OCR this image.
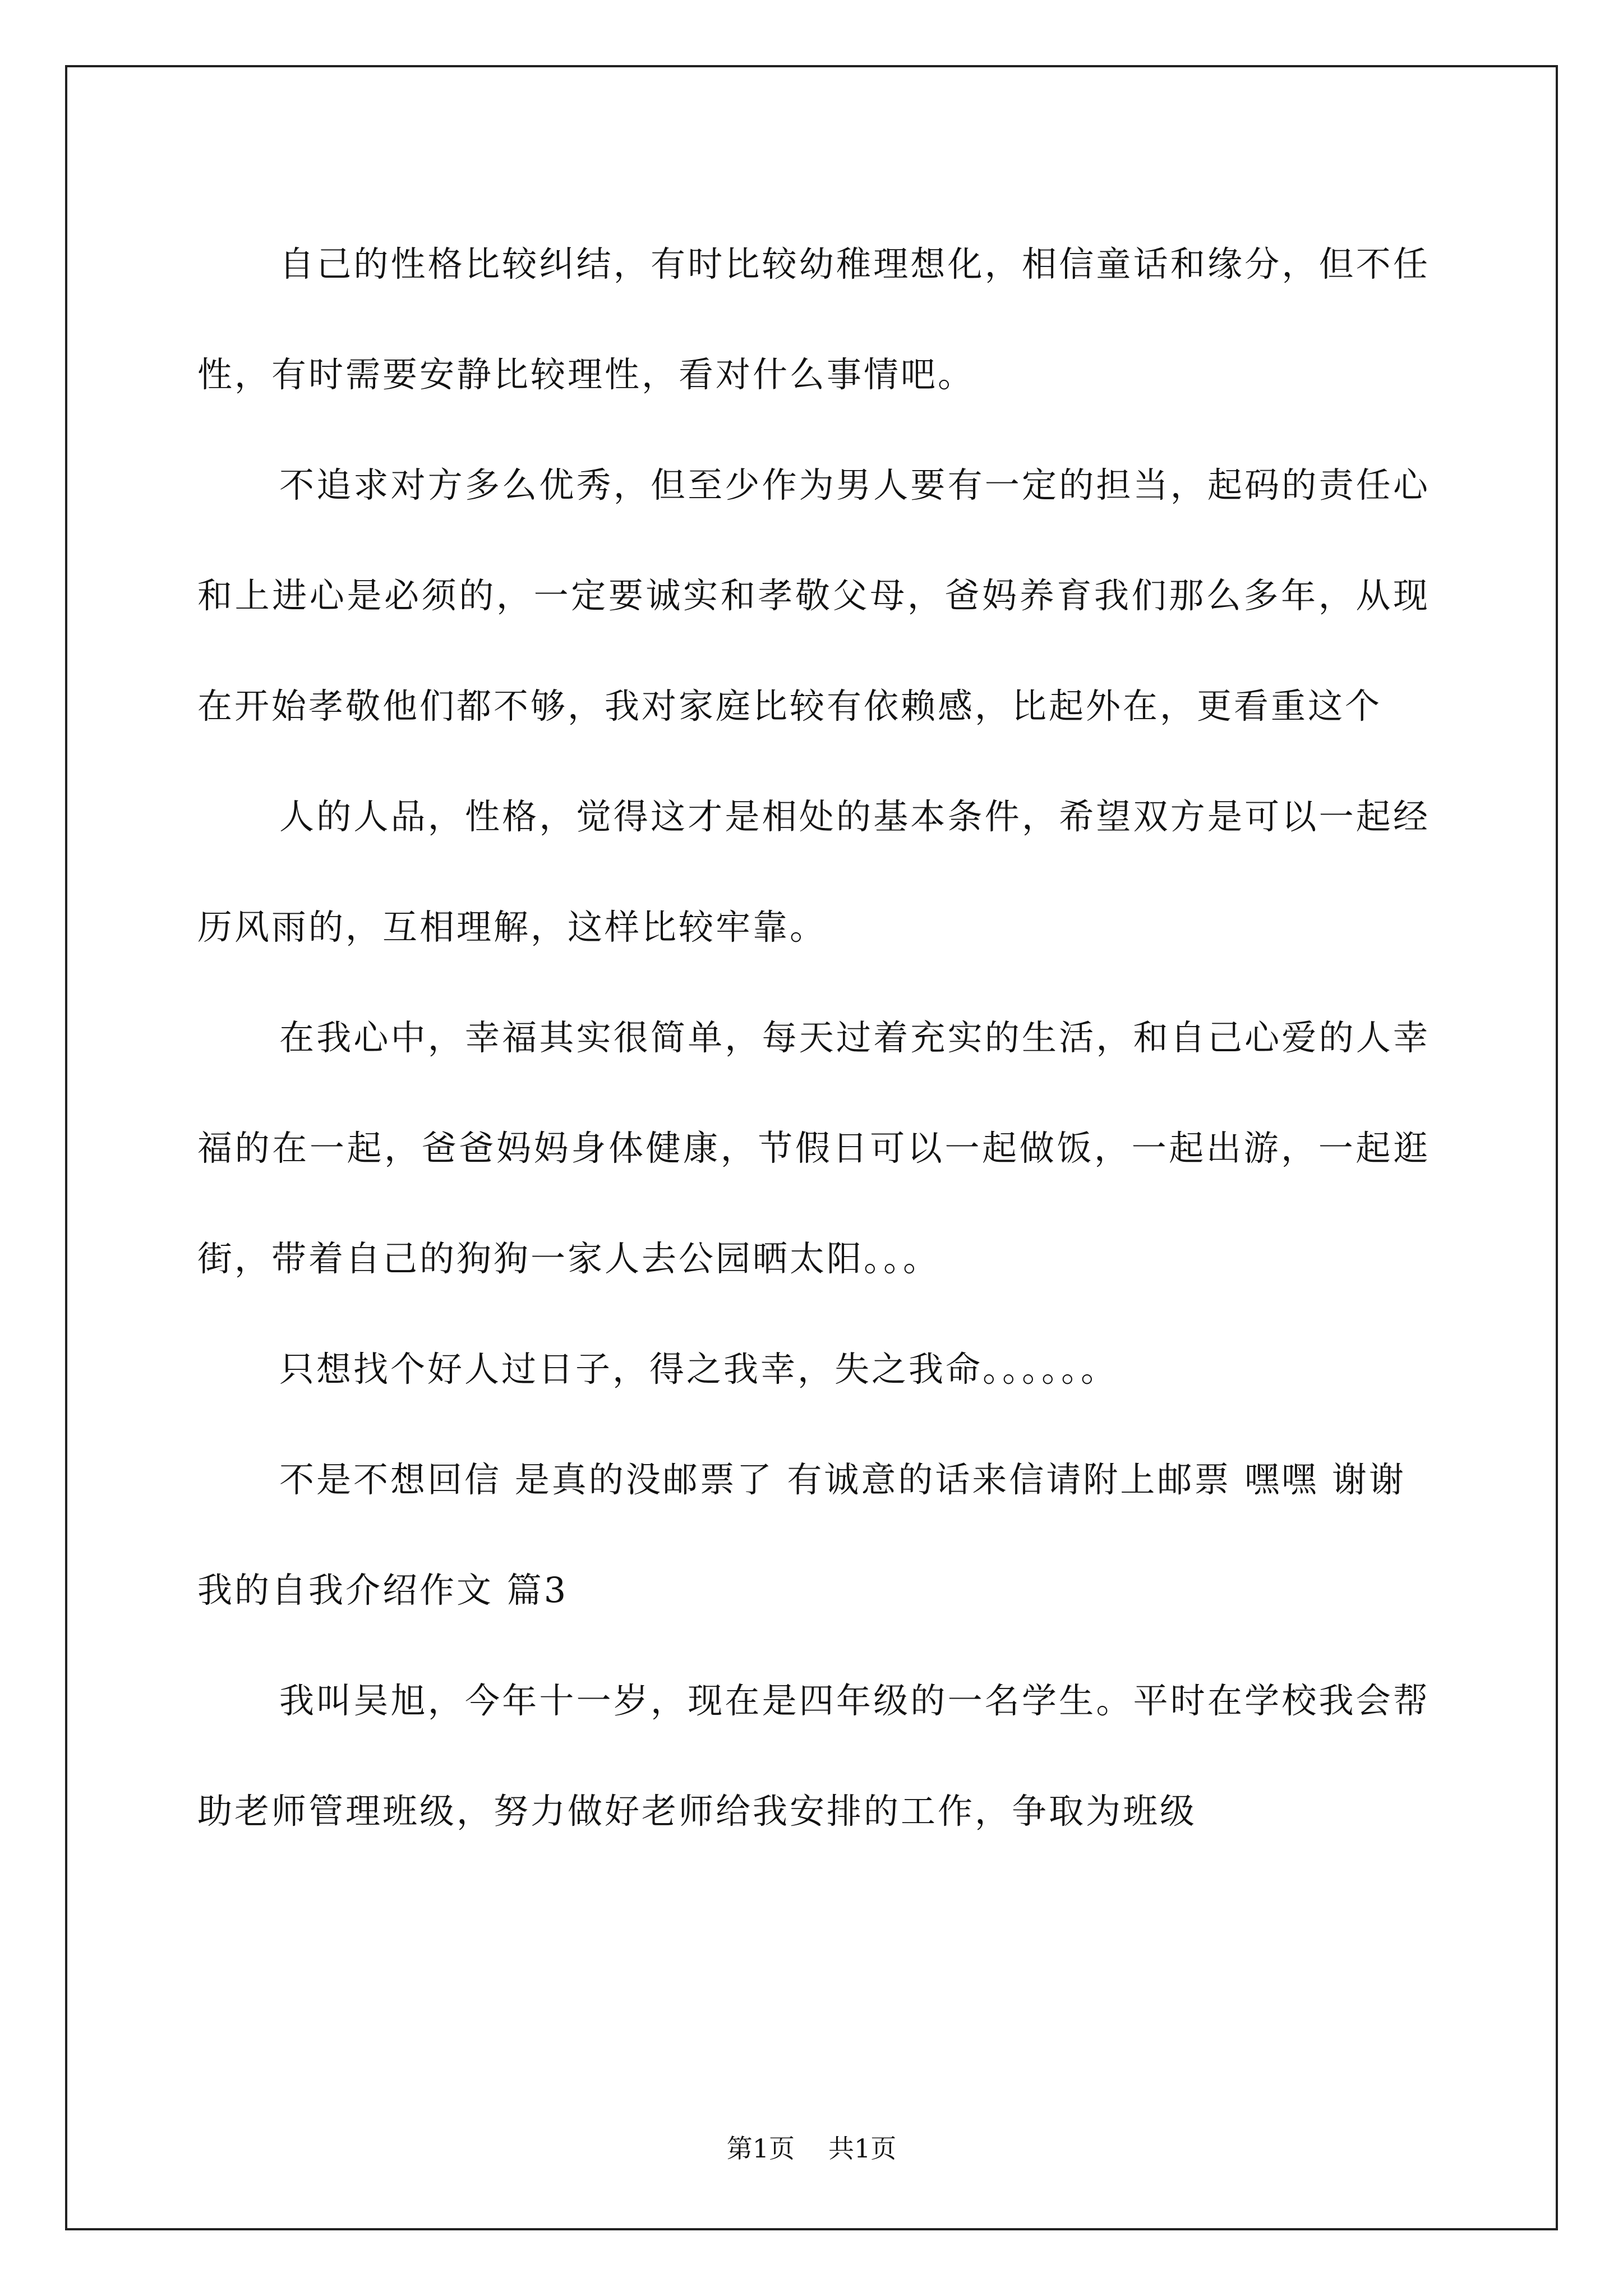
自己的性格比较纠结，有时比较幼稚理想化，相信童话和缘分，但不任性，有时需要安静比较理性，看对什么事情吧。

不追求对方多么优秀，但至少作为男人要有一定的担当，起码的责任心和上进心是必须的，一定要诚实和孝敬父母，爸妈养育我们那么多年，从现在开始孝敬他们都不够，我对家庭比较有依赖感，比起外在，更看重这个

人的人品，性格，觉得这才是相处的基本条件，希望双方是可以一起经历风雨的，互相理解，这样比较牢靠。

在我心中，幸福其实很简单，每天过着充实的生活，和自己心爱的人幸福的在一起，爸爸妈妈身体健康，节假日可以一起做饭，一起出游，一起逛街，带着自己的狗狗一家人去公园晒太阳。。。

只想找个好人过日子，得之我幸，失之我命。。。。。。

不是不想回信 是真的没邮票了 有诚意的话来信请附上邮票 嘿嘿 谢谢

我的自我介绍作文 篇3

我叫吴旭，今年十一岁，现在是四年级的一名学生。平时在学校我会帮助老师管理班级，努力做好老师给我安排的工作，争取为班级

第1页 共1页
